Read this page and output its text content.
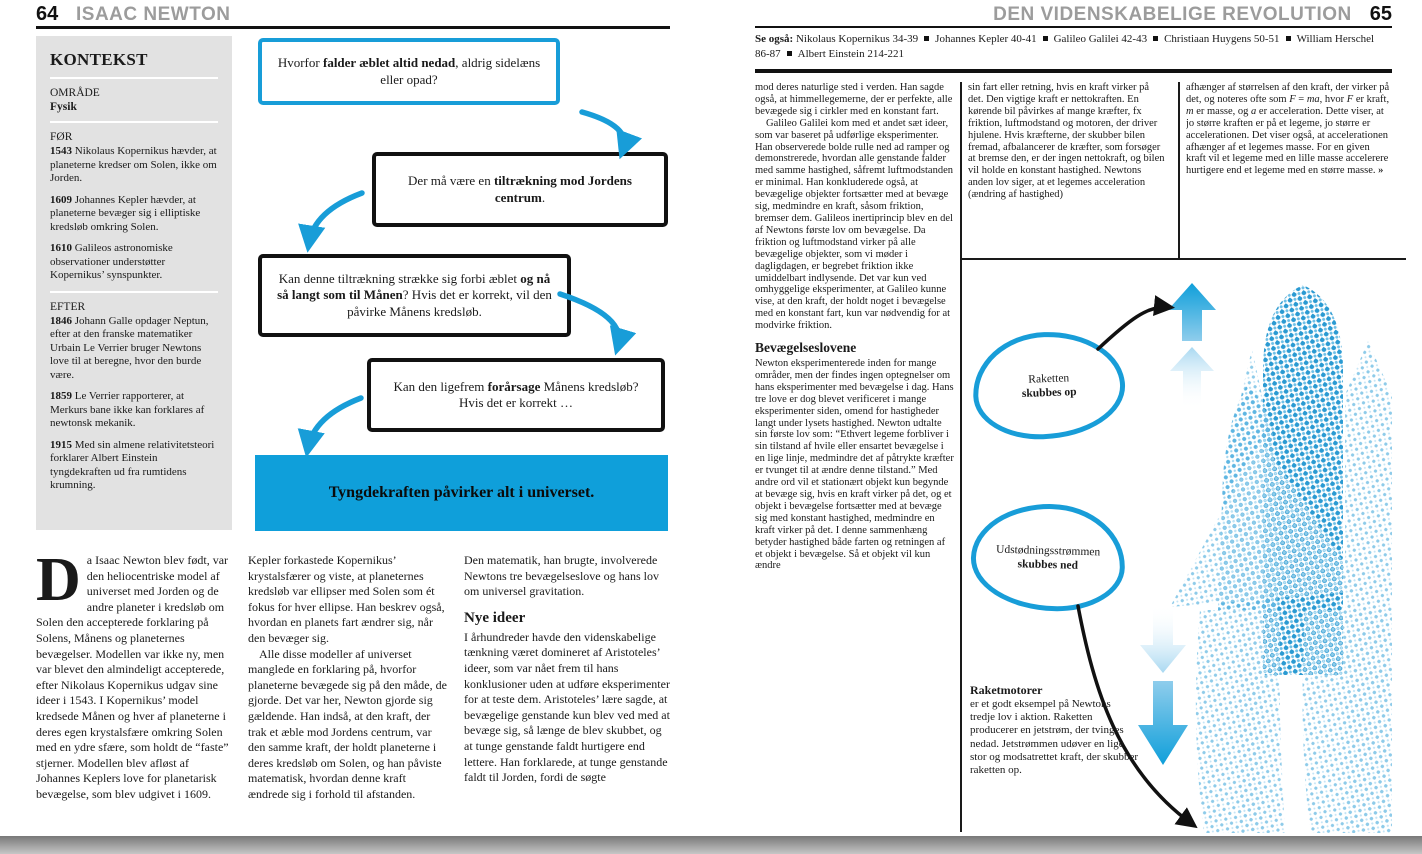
64 ISAAC NEWTON
KONTEKST
OMRÅDE
Fysik
FØR

1543 Nikolaus Kopernikus hævder, at planeterne kredser om Solen, ikke om Jorden.

1609 Johannes Kepler hævder, at planeterne bevæger sig i elliptiske kredsløb omkring Solen.

1610 Galileos astronomiske observationer understøtter Kopernikus’ synspunkter.

EFTER

1846 Johann Galle opdager Neptun, efter at den franske matematiker Urbain Le Verrier bruger Newtons love til at beregne, hvor den burde være.

1859 Le Verrier rapporterer, at Merkurs bane ikke kan forklares af newtonsk mekanik.

1915 Med sin almene relativitetsteori forklarer Albert Einstein tyngdekraften ud fra rumtidens krumning.

Hvorfor falder æblet altid nedad, aldrig sidelæns eller opad?
Der må være en tiltrækning mod Jordens centrum.
Kan denne tiltrækning strække sig forbi æblet og nå så langt som til Månen? Hvis det er korrekt, vil den påvirke Månens kredsløb.
Kan den ligefrem forårsage Månens kredsløb? Hvis det er korrekt …
Tyngdekraften påvirker alt i universet.

Da Isaac Newton blev født, var den heliocentriske model af universet med Jorden og de andre planeter i kredsløb om Solen den accepterede forklaring på Solens, Månens og planeternes bevægelser. Modellen var ikke ny, men var blevet den almindeligt accepterede, efter Nikolaus Kopernikus udgav sine ideer i 1543. I Kopernikus’ model kredsede Månen og hver af planeterne i deres egen krystalsfære omkring Solen med en ydre sfære, som holdt de “faste” stjerner. Modellen blev afløst af Johannes Keplers love for planetarisk bevægelse, som blev udgivet i 1609.

Kepler forkastede Kopernikus’ krystalsfærer og viste, at planeternes kredsløb var ellipser med Solen som ét fokus for hver ellipse. Han beskrev også, hvordan en planets fart ændrer sig, når den bevæger sig.

Alle disse modeller af universet manglede en forklaring på, hvorfor planeterne bevægede sig på den måde, de gjorde. Det var her, Newton gjorde sig gældende. Han indså, at den kraft, der trak et æble mod Jordens centrum, var den samme kraft, der holdt planeterne i deres kredsløb om Solen, og han påviste matematisk, hvordan denne kraft ændrede sig i forhold til afstanden.

Den matematik, han brugte, involverede Newtons tre bevægelseslove og hans lov om universel gravitation.

Nye ideer

I århundreder havde den videnskabelige tænkning været domineret af Aristoteles’ ideer, som var nået frem til hans konklusioner uden at udføre eksperimenter for at teste dem. Aristoteles’ lære sagde, at bevægelige genstande kun blev ved med at bevæge sig, så længe de blev skubbet, og at tunge genstande faldt hurtigere end lettere. Han forklarede, at tunge genstande faldt til Jorden, fordi de søgte

DEN VIDENSKABELIGE REVOLUTION 65
Se også: Nikolaus Kopernikus 34-39 Johannes Kepler 40-41 Galileo Galilei 42-43 Christiaan Huygens 50-51 William Herschel 86-87 Albert Einstein 214-221

mod deres naturlige sted i verden. Han sagde også, at himmellegemerne, der er perfekte, alle bevægede sig i cirkler med en konstant fart.

Galileo Galilei kom med et andet sæt ideer, som var baseret på udførlige eksperimenter. Han observerede bolde rulle ned ad ramper og demonstrerede, hvordan alle genstande falder med samme hastighed, såfremt luftmodstanden er minimal. Han konkluderede også, at bevægelige objekter fortsætter med at bevæge sig, medmindre en kraft, såsom friktion, bremser dem. Galileos inertiprincip blev en del af Newtons første lov om bevægelse. Da friktion og luftmodstand virker på alle bevægelige objekter, som vi møder i dagligdagen, er begrebet friktion ikke umiddelbart indlysende. Det var kun ved omhyggelige eksperimenter, at Galileo kunne vise, at den kraft, der holdt noget i bevægelse med en konstant fart, kun var nødvendig for at modvirke friktion.

Bevægelseslovene

Newton eksperimenterede inden for mange områder, men der findes ingen optegnelser om hans eksperimenter med bevægelse i dag. Hans tre love er dog blevet verificeret i mange eksperimenter siden, omend for hastigheder langt under lysets hastighed. Newton udtalte sin første lov som: “Ethvert legeme forbliver i sin tilstand af hvile eller ensartet bevægelse i en lige linje, medmindre det af påtrykte kræfter er tvunget til at ændre denne tilstand.” Med andre ord vil et stationært objekt kun begynde at bevæge sig, hvis en kraft virker på det, og et objekt i bevægelse fortsætter med at bevæge sig med konstant hastighed, medmindre en kraft virker på det. I denne sammenhæng betyder hastighed både farten og retningen af et objekt i bevægelse. Så et objekt vil kun ændre

sin fart eller retning, hvis en kraft virker på det. Den vigtige kraft er nettokraften. En kørende bil påvirkes af mange kræfter, fx friktion, luftmodstand og motoren, der driver hjulene. Hvis kræfterne, der skubber bilen fremad, afbalancerer de kræfter, som forsøger at bremse den, er der ingen nettokraft, og bilen vil holde en konstant hastighed. Newtons anden lov siger, at et legemes acceleration (ændring af hastighed)

afhænger af størrelsen af den kraft, der virker på det, og noteres ofte som F = ma, hvor F er kraft, m er masse, og a er acceleration. Dette viser, at jo større kraften er på et legeme, jo større er accelerationen. Det viser også, at accelerationen afhænger af et legemes masse. For en given kraft vil et legeme med en lille masse accelerere hurtigere end et legeme med en større masse. »

Raketten
skubbes op
Udstødningsstrømmen
skubbes ned
Raketmotorer

er et godt eksempel på Newtons tredje lov i aktion. Raketten producerer en jetstrøm, der tvinges nedad. Jetstrømmen udøver en lige stor og modsatrettet kraft, der skubber raketten op.
